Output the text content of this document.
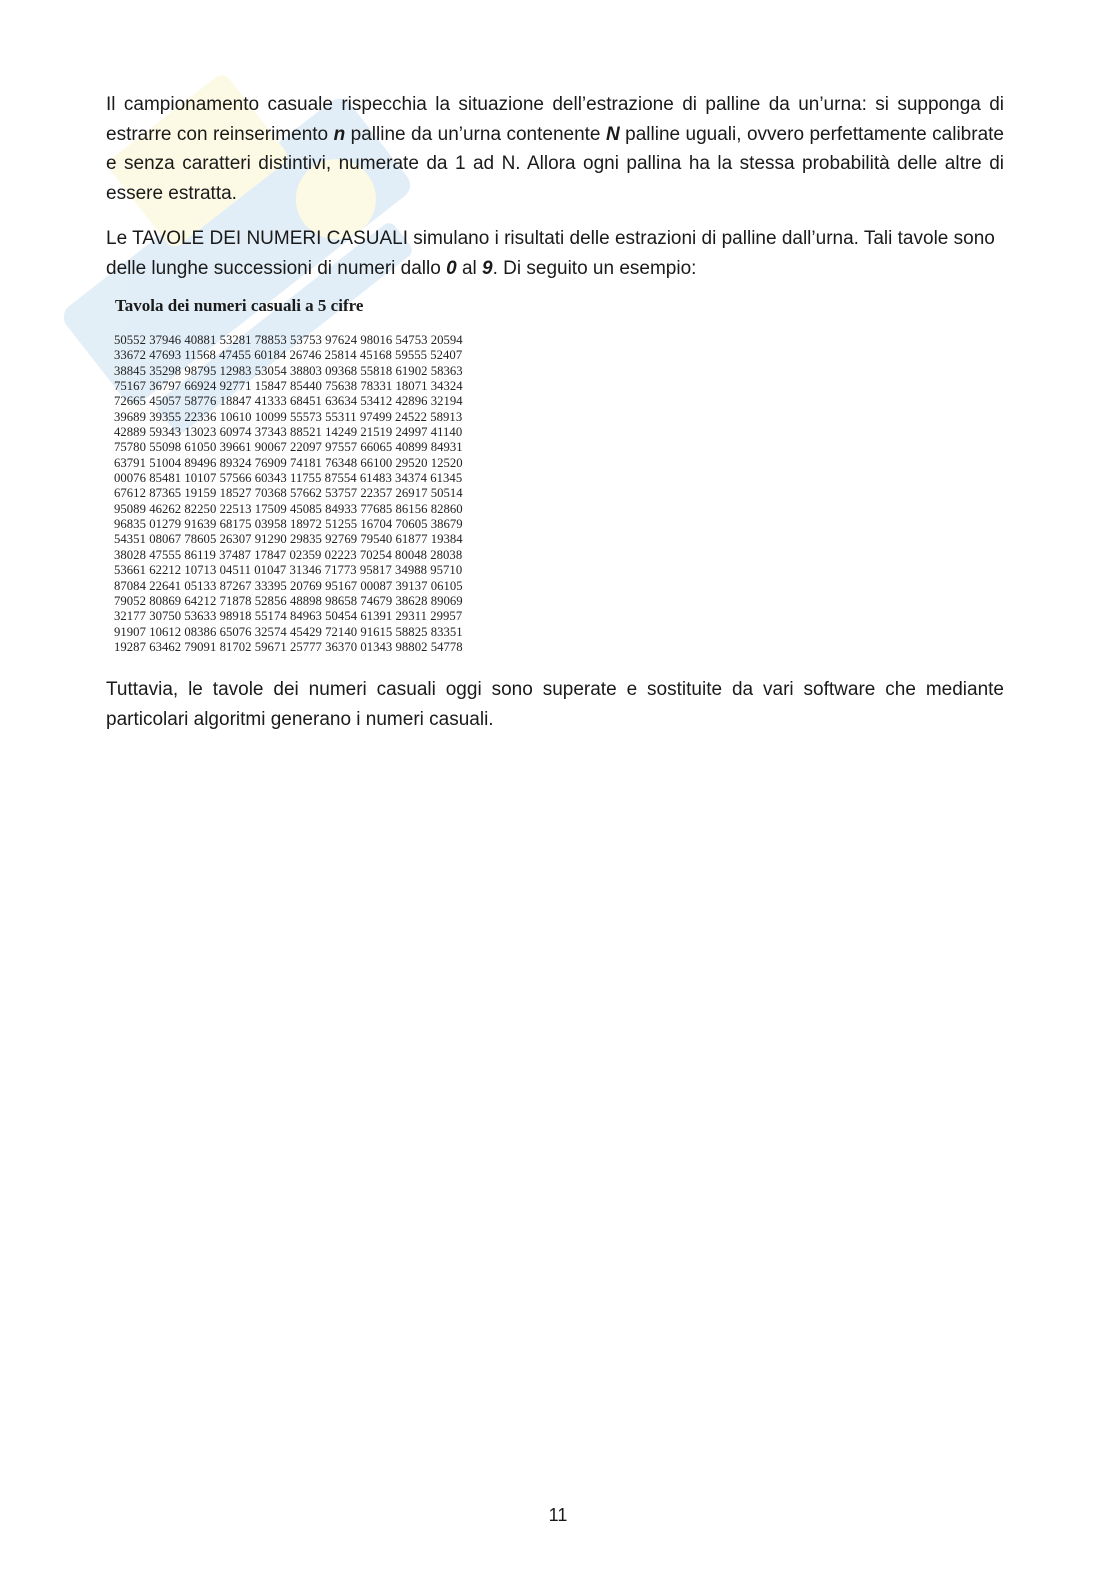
Il campionamento casuale rispecchia la situazione dell’estrazione di palline da un’urna: si supponga di estrarre con reinserimento n palline da un’urna contenente N palline uguali, ovvero perfettamente calibrate e senza caratteri distintivi, numerate da 1 ad N. Allora ogni pallina ha la stessa probabilità delle altre di essere estratta.

Le TAVOLE DEI NUMERI CASUALI simulano i risultati delle estrazioni di palline dall’urna. Tali tavole sono delle lunghe successioni di numeri dallo 0 al 9. Di seguito un esempio:

Tavola dei numeri casuali a 5 cifre
50552 37946 40881 53281 78853 53753 97624 98016 54753 20594
33672 47693 11568 47455 60184 26746 25814 45168 59555 52407
38845 35298 98795 12983 53054 38803 09368 55818 61902 58363
75167 36797 66924 92771 15847 85440 75638 78331 18071 34324
72665 45057 58776 18847 41333 68451 63634 53412 42896 32194
39689 39355 22336 10610 10099 55573 55311 97499 24522 58913
42889 59343 13023 60974 37343 88521 14249 21519 24997 41140
75780 55098 61050 39661 90067 22097 97557 66065 40899 84931
63791 51004 89496 89324 76909 74181 76348 66100 29520 12520
00076 85481 10107 57566 60343 11755 87554 61483 34374 61345
67612 87365 19159 18527 70368 57662 53757 22357 26917 50514
95089 46262 82250 22513 17509 45085 84933 77685 86156 82860
96835 01279 91639 68175 03958 18972 51255 16704 70605 38679
54351 08067 78605 26307 91290 29835 92769 79540 61877 19384
38028 47555 86119 37487 17847 02359 02223 70254 80048 28038
53661 62212 10713 04511 01047 31346 71773 95817 34988 95710
87084 22641 05133 87267 33395 20769 95167 00087 39137 06105
79052 80869 64212 71878 52856 48898 98658 74679 38628 89069
32177 30750 53633 98918 55174 84963 50454 61391 29311 29957
91907 10612 08386 65076 32574 45429 72140 91615 58825 83351
19287 63462 79091 81702 59671 25777 36370 01343 98802 54778

Tuttavia, le tavole dei numeri casuali oggi sono superate e sostituite da vari software che mediante particolari algoritmi generano i numeri casuali.

11
